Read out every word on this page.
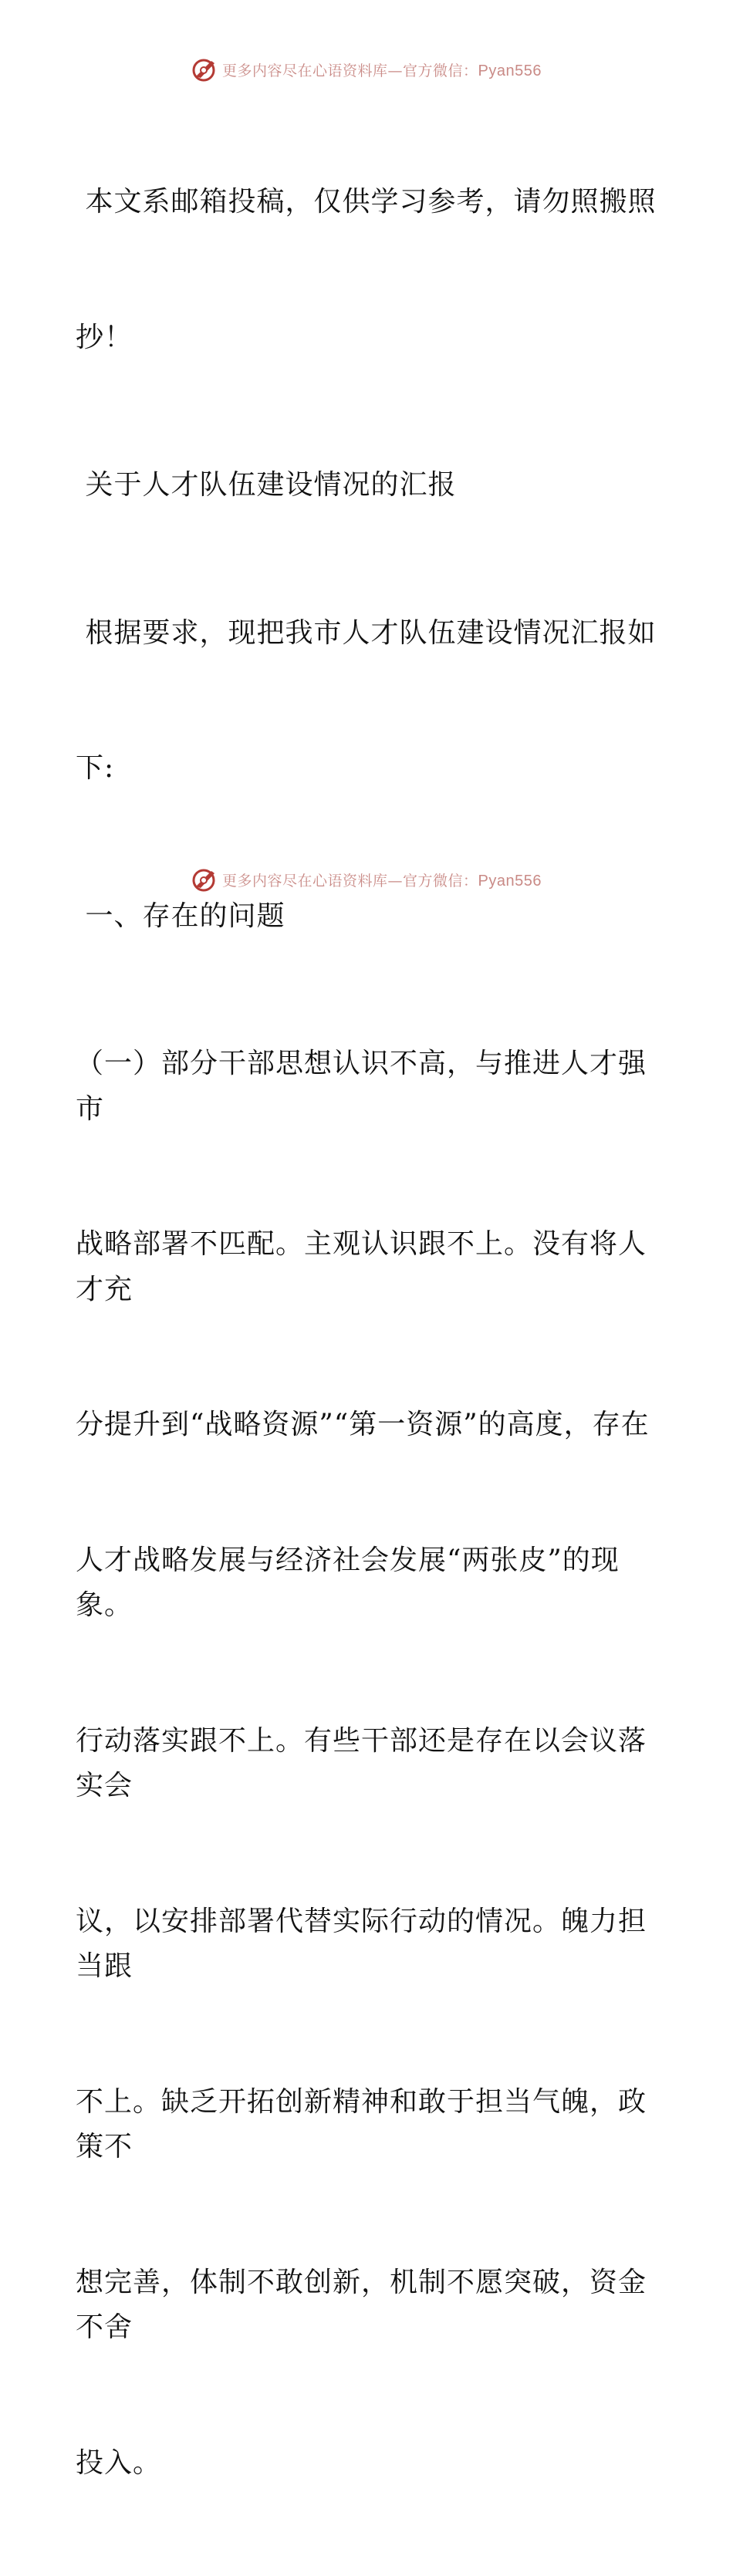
更多内容尽在心语资料库—官方微信：Pyan556

本文系邮箱投稿，仅供学习参考，请勿照搬照

抄！

关于人才队伍建设情况的汇报

根据要求，现把我市人才队伍建设情况汇报如

下:

一、存在的问题

（一）部分干部思想认识不高，与推进人才强市

战略部署不匹配。主观认识跟不上。没有将人才充

分提升到“战略资源”“第一资源”的高度，存在

人才战略发展与经济社会发展“两张皮”的现象。

行动落实跟不上。有些干部还是存在以会议落实会

议，以安排部署代替实际行动的情况。魄力担当跟

不上。缺乏开拓创新精神和敢于担当气魄，政策不

想完善，体制不敢创新，机制不愿突破，资金不舍

投入。

更多内容尽在心语资料库—官方微信：Pyan556
